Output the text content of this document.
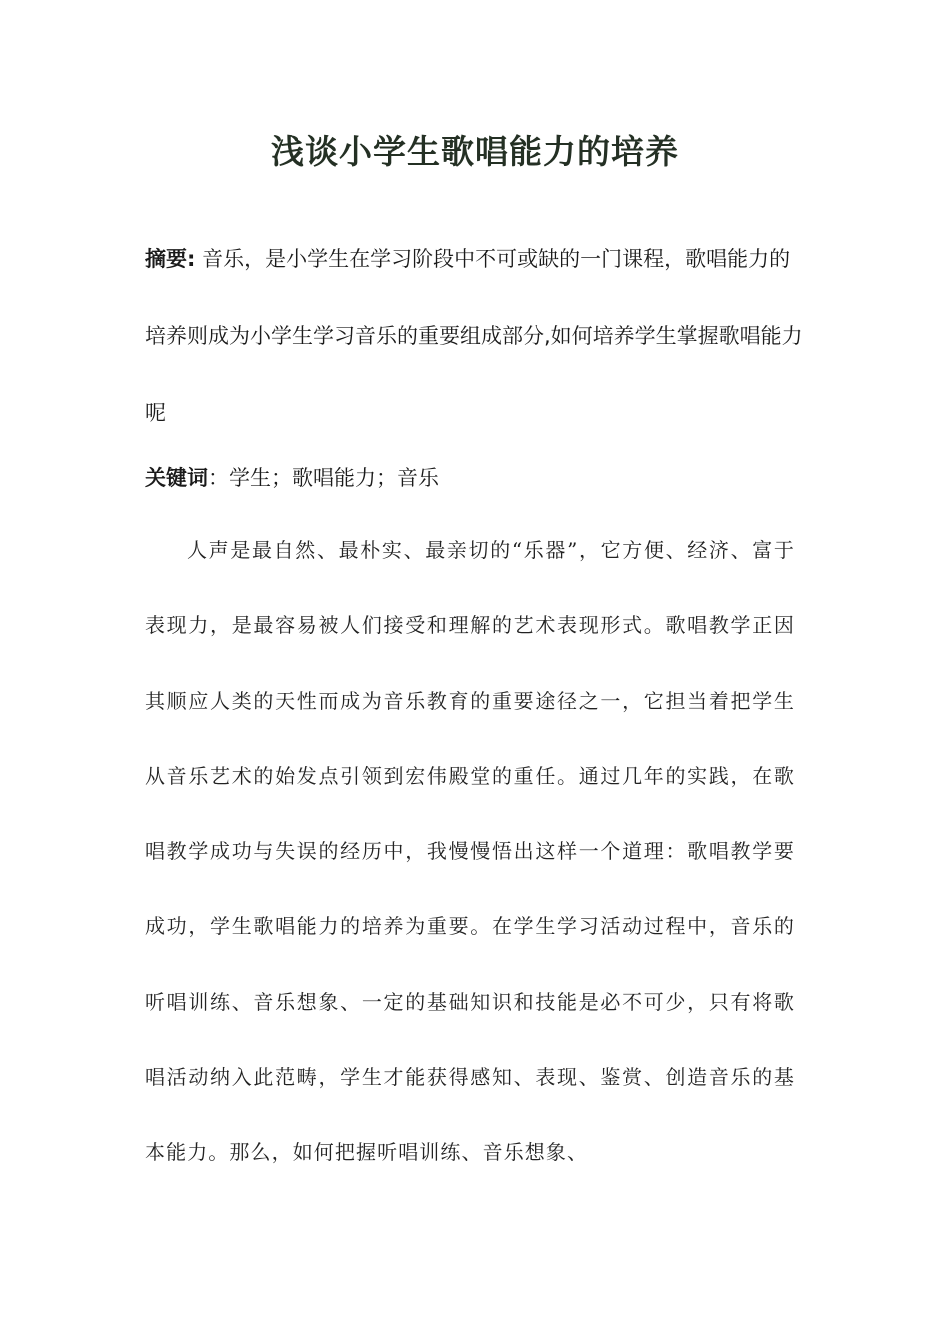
浅谈小学生歌唱能力的培养

摘要: 音乐，是小学生在学习阶段中不可或缺的一门课程，歌唱能力的培养则成为小学生学习音乐的重要组成部分,如何培养学生掌握歌唱能力呢

关键词：学生；歌唱能力；音乐

人声是最自然、最朴实、最亲切的“乐器”，它方便、经济、富于表现力，是最容易被人们接受和理解的艺术表现形式。歌唱教学正因其顺应人类的天性而成为音乐教育的重要途径之一，它担当着把学生从音乐艺术的始发点引领到宏伟殿堂的重任。通过几年的实践，在歌唱教学成功与失误的经历中，我慢慢悟出这样一个道理：歌唱教学要成功，学生歌唱能力的培养为重要。在学生学习活动过程中，音乐的听唱训练、音乐想象、一定的基础知识和技能是必不可少，只有将歌唱活动纳入此范畴，学生才能获得感知、表现、鉴赏、创造音乐的基本能力。那么，如何把握听唱训练、音乐想象、
